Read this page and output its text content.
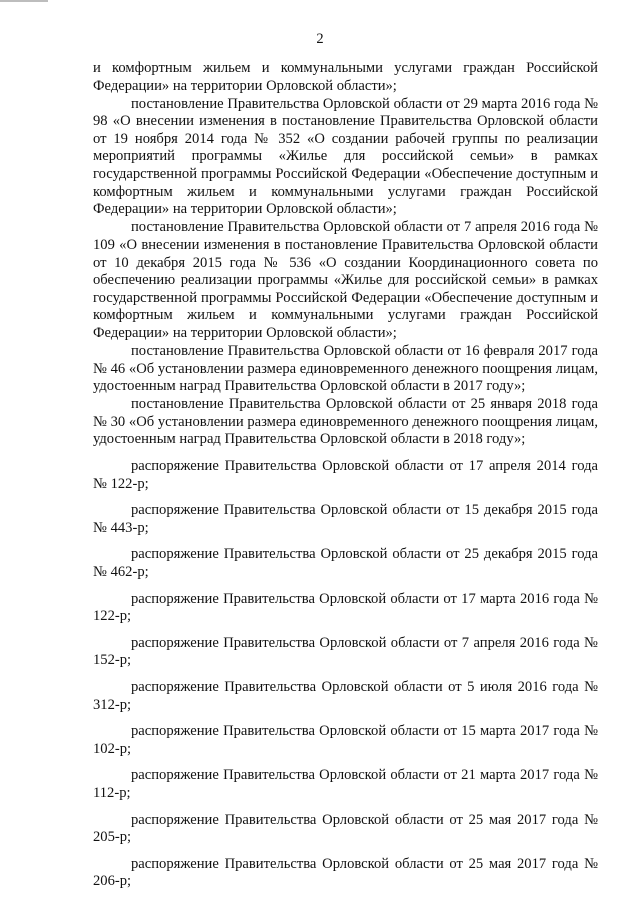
2

и комфортным жильем и коммунальными услугами граждан Российской Федерации» на территории Орловской области»;

постановление Правительства Орловской области от 29 марта 2016 года № 98 «О внесении изменения в постановление Правительства Орловской области от 19 ноября 2014 года № 352 «О создании рабочей группы по реализации мероприятий программы «Жилье для российской семьи» в рамках государственной программы Российской Федерации «Обеспечение доступным и комфортным жильем и коммунальными услугами граждан Российской Федерации» на территории Орловской области»;

постановление Правительства Орловской области от 7 апреля 2016 года № 109 «О внесении изменения в постановление Правительства Орловской области от 10 декабря 2015 года № 536 «О создании Координационного совета по обеспечению реализации программы «Жилье для российской семьи» в рамках государственной программы Российской Федерации «Обеспечение доступным и комфортным жильем и коммунальными услугами граждан Российской Федерации» на территории Орловской области»;

постановление Правительства Орловской области от 16 февраля 2017 года № 46 «Об установлении размера единовременного денежного поощрения лицам, удостоенным наград Правительства Орловской области в 2017 году»;

постановление Правительства Орловской области от 25 января 2018 года № 30 «Об установлении размера единовременного денежного поощрения лицам, удостоенным наград Правительства Орловской области в 2018 году»;

распоряжение Правительства Орловской области от 17 апреля 2014 года № 122-р;

распоряжение Правительства Орловской области от 15 декабря 2015 года № 443-р;

распоряжение Правительства Орловской области от 25 декабря 2015 года № 462-р;

распоряжение Правительства Орловской области от 17 марта 2016 года № 122-р;

распоряжение Правительства Орловской области от 7 апреля 2016 года № 152-р;

распоряжение Правительства Орловской области от 5 июля 2016 года № 312-р;

распоряжение Правительства Орловской области от 15 марта 2017 года № 102-р;

распоряжение Правительства Орловской области от 21 марта 2017 года № 112-р;

распоряжение Правительства Орловской области от 25 мая 2017 года № 205-р;

распоряжение Правительства Орловской области от 25 мая 2017 года № 206-р;
